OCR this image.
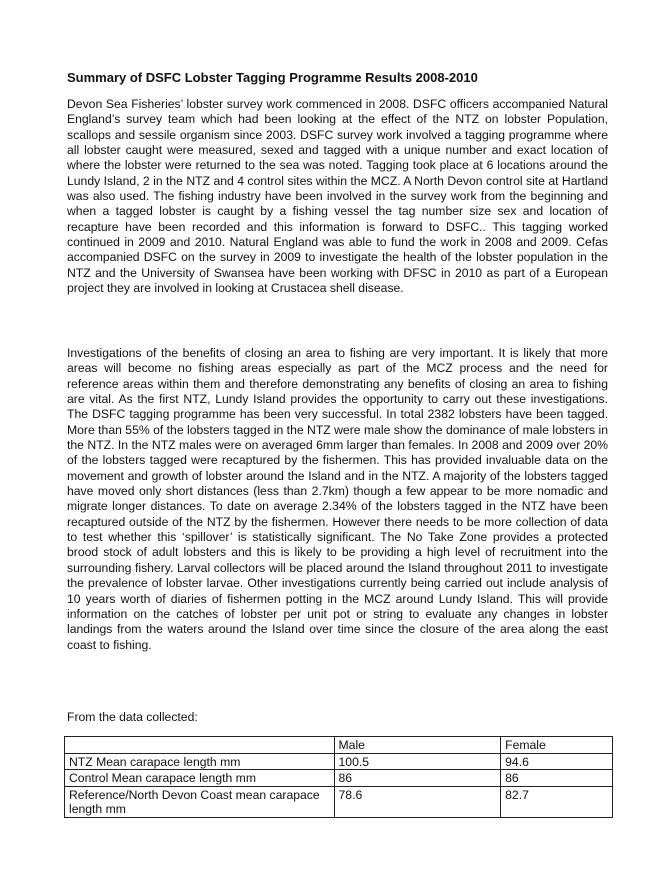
Summary of DSFC Lobster Tagging Programme Results 2008-2010

Devon Sea Fisheries’ lobster survey work commenced in 2008. DSFC officers accompanied Natural England’s survey team which had been looking at the effect of the NTZ on lobster Population, scallops and sessile organism since 2003. DSFC survey work involved a tagging programme where all lobster caught were measured, sexed and tagged with a unique number and exact location of where the lobster were returned to the sea was noted. Tagging took place at 6 locations around the Lundy Island, 2 in the NTZ and 4 control sites within the MCZ. A North Devon control site at Hartland was also used. The fishing industry have been involved in the survey work from the beginning and when a tagged lobster is caught by a fishing vessel the tag number size sex and location of recapture have been recorded and this information is forward to DSFC.. This tagging worked continued in 2009 and 2010. Natural England was able to fund the work in 2008 and 2009. Cefas accompanied DSFC on the survey in 2009 to investigate the health of the lobster population in the NTZ and the University of Swansea have been working with DFSC in 2010 as part of a European project they are involved in looking at Crustacea shell disease.

Investigations of the benefits of closing an area to fishing are very important. It is likely that more areas will become no fishing areas especially as part of the MCZ process and the need for reference areas within them and therefore demonstrating any benefits of closing an area to fishing are vital. As the first NTZ, Lundy Island provides the opportunity to carry out these investigations. The DSFC tagging programme has been very successful. In total 2382 lobsters have been tagged. More than 55% of the lobsters tagged in the NTZ were male show the dominance of male lobsters in the NTZ. In the NTZ males were on averaged 6mm larger than females. In 2008 and 2009 over 20% of the lobsters tagged were recaptured by the fishermen. This has provided invaluable data on the movement and growth of lobster around the Island and in the NTZ. A majority of the lobsters tagged have moved only short distances (less than 2.7km) though a few appear to be more nomadic and migrate longer distances. To date on average 2.34% of the lobsters tagged in the NTZ have been recaptured outside of the NTZ by the fishermen. However there needs to be more collection of data to test whether this ‘spillover’ is statistically significant. The No Take Zone provides a protected brood stock of adult lobsters and this is likely to be providing a high level of recruitment into the surrounding fishery. Larval collectors will be placed around the Island throughout 2011 to investigate the prevalence of lobster larvae. Other investigations currently being carried out include analysis of 10 years worth of diaries of fishermen potting in the MCZ around Lundy Island. This will provide information on the catches of lobster per unit pot or string to evaluate any changes in lobster landings from the waters around the Island over time since the closure of the area along the east coast to fishing.

From the data collected:
	Male	Female
NTZ Mean carapace length mm	100.5	94.6
Control Mean carapace length mm	86	86
Reference/North Devon Coast mean carapace length mm	78.6	82.7
